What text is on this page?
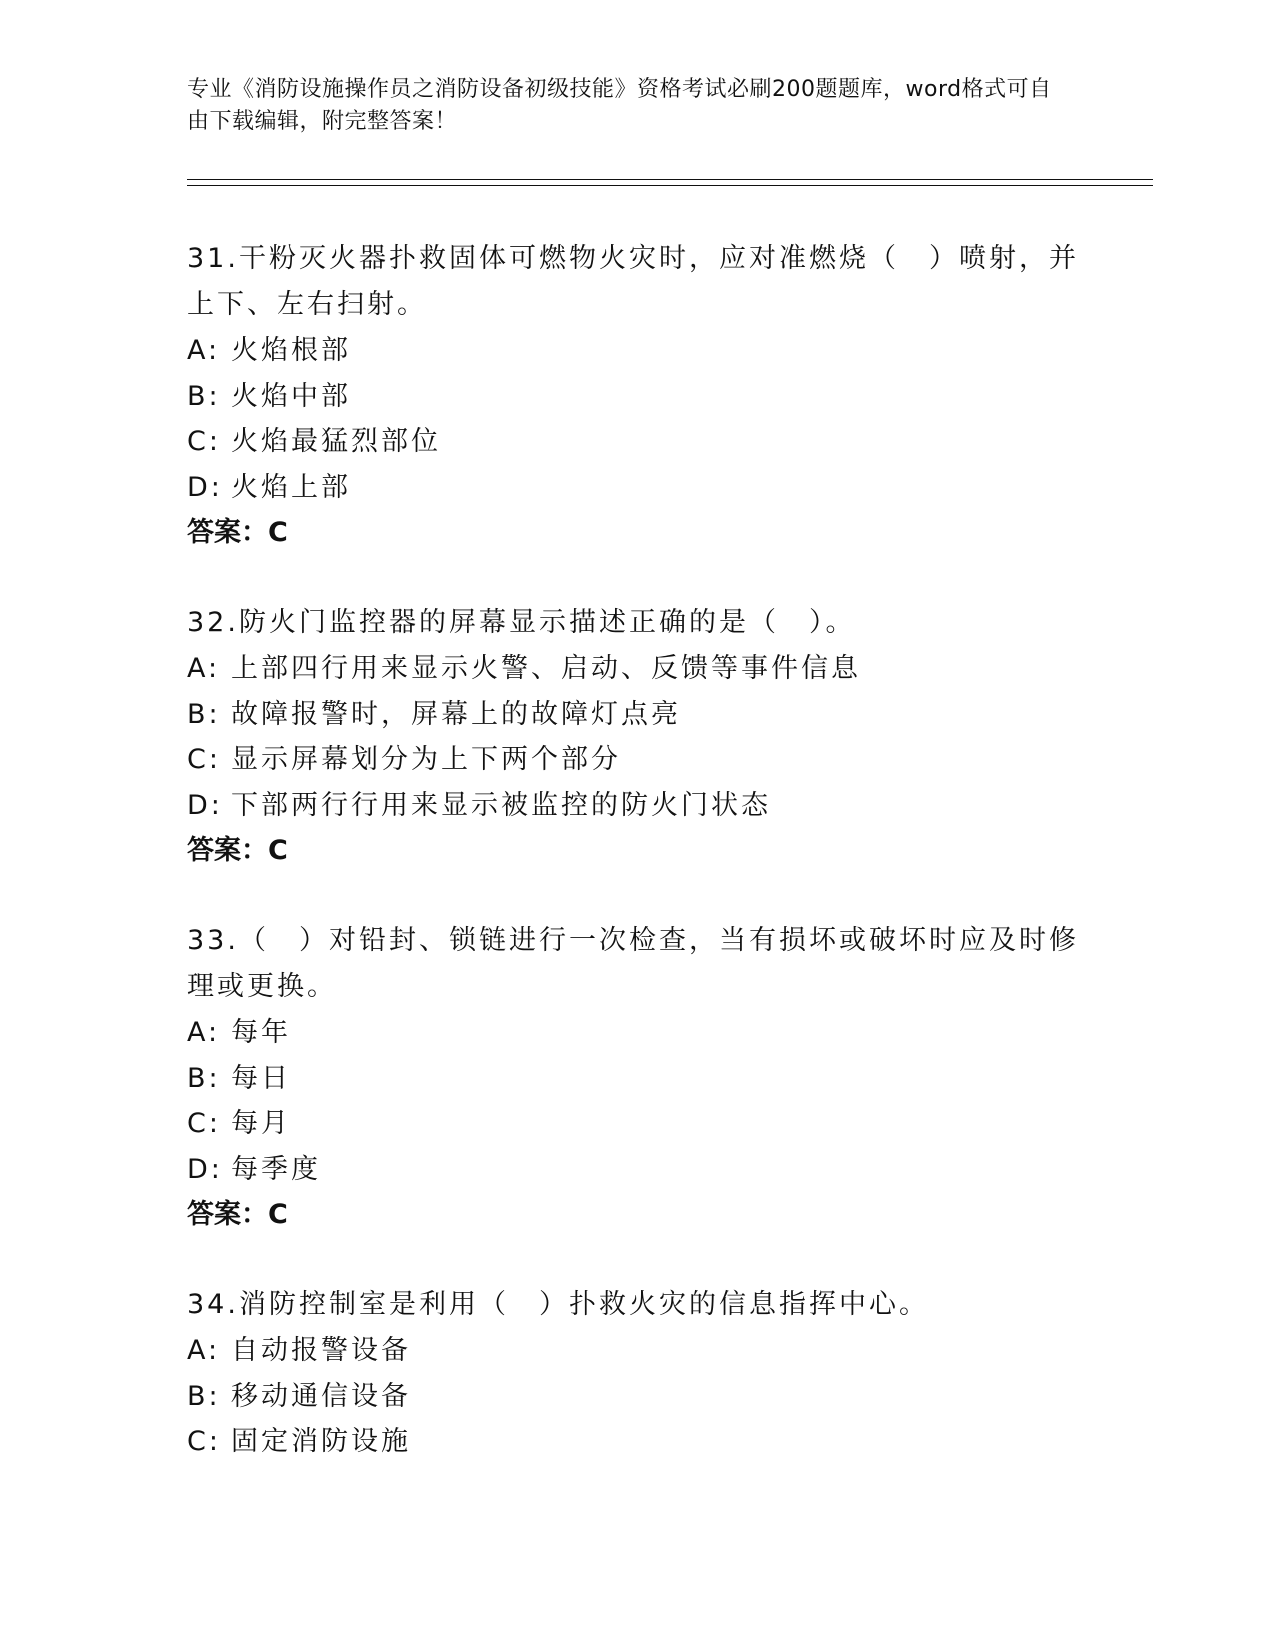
专业《消防设施操作员之消防设备初级技能》资格考试必刷200题题库，word格式可自由下载编辑，附完整答案！
31.干粉灭火器扑救固体可燃物火灾时，应对准燃烧（　）喷射，并上下、左右扫射。
A: 火焰根部
B: 火焰中部
C: 火焰最猛烈部位
D: 火焰上部
答案：C
32.防火门监控器的屏幕显示描述正确的是（　）。
A: 上部四行用来显示火警、启动、反馈等事件信息
B: 故障报警时，屏幕上的故障灯点亮
C: 显示屏幕划分为上下两个部分
D: 下部两行行用来显示被监控的防火门状态
答案：C
33.（　）对铅封、锁链进行一次检查，当有损坏或破坏时应及时修理或更换。
A: 每年
B: 每日
C: 每月
D: 每季度
答案：C
34.消防控制室是利用（　）扑救火灾的信息指挥中心。
A: 自动报警设备
B: 移动通信设备
C: 固定消防设施
